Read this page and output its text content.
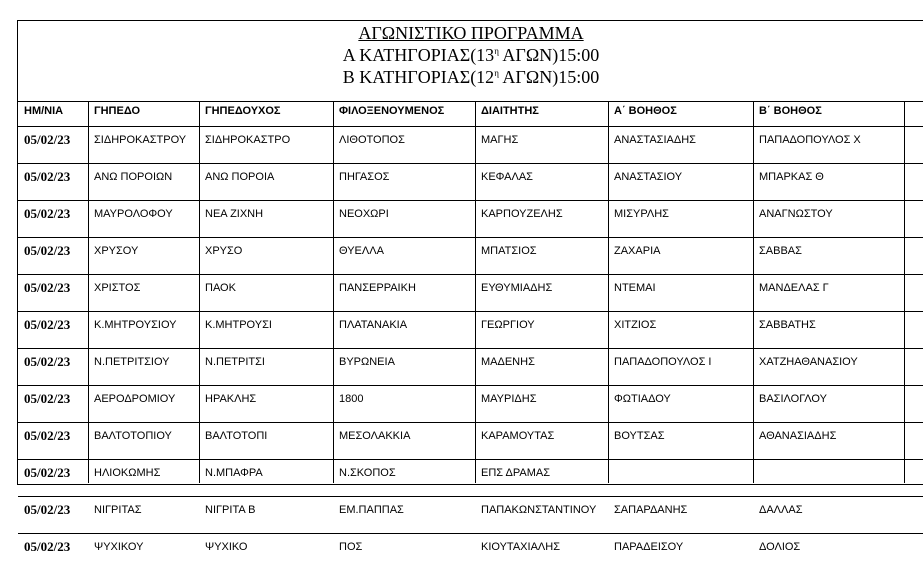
ΑΓΩΝΙΣΤΙΚΟ ΠΡΟΓΡΑΜΜΑ
Α $KATH\Gamma OPIA\Sigma(13^\eta$ ΑΓΩΝ)15:00
Β $KATH\Gamma OPIA\Sigma(12^\eta$ ΑΓΩΝ)15:00
ΗΜ/ΝΙΑ	ΓΗΠΕΔΟ	ΓΗΠΕΔΟΥΧΟΣ	ΦΙΛΟΞΕΝΟΥΜΕΝΟΣ	ΔΙΑΙΤΗΤΗΣ	Α΄ ΒΟΗΘΟΣ	Β΄ ΒΟΗΘΟΣ	
05/02/23	ΣΙΔΗΡΟΚΑΣΤΡΟΥ	ΣΙΔΗΡΟΚΑΣΤΡΟ	ΛΙΘΟΤΟΠΟΣ	ΜΑΓΗΣ	ΑΝΑΣΤΑΣΙΑΔΗΣ	ΠΑΠΑΔΟΠΟΥΛΟΣ Χ	
05/02/23	ΑΝΩ ΠΟΡΟΙΩΝ	ΑΝΩ ΠΟΡΟΙΑ	ΠΗΓΑΣΟΣ	ΚΕΦΑΛΑΣ	ΑΝΑΣΤΑΣΙΟΥ	ΜΠΑΡΚΑΣ Θ	
05/02/23	ΜΑΥΡΟΛΟΦΟΥ	ΝΕΑ ΖΙΧΝΗ	ΝΕΟΧΩΡΙ	ΚΑΡΠΟΥΖΕΛΗΣ	ΜΙΣΥΡΛΗΣ	ΑΝΑΓΝΩΣΤΟΥ	
05/02/23	ΧΡΥΣΟΥ	ΧΡΥΣΟ	ΘΥΕΛΛΑ	ΜΠΑΤΣΙΟΣ	ΖΑΧΑΡΙΑ	ΣΑΒΒΑΣ	
05/02/23	ΧΡΙΣΤΟΣ	ΠΑΟΚ	ΠΑΝΣΕΡΡΑΙΚΗ	ΕΥΘΥΜΙΑΔΗΣ	ΝΤΕΜΑΙ	ΜΑΝΔΕΛΑΣ Γ	
05/02/23	Κ.ΜΗΤΡΟΥΣΙΟΥ	Κ.ΜΗΤΡΟΥΣΙ	ΠΛΑΤΑΝΑΚΙΑ	ΓΕΩΡΓΙΟΥ	ΧΙΤΖΙΟΣ	ΣΑΒΒΑΤΗΣ	
05/02/23	Ν.ΠΕΤΡΙΤΣΙΟΥ	Ν.ΠΕΤΡΙΤΣΙ	ΒΥΡΩΝΕΙΑ	ΜΑΔΕΝΗΣ	ΠΑΠΑΔΟΠΟΥΛΟΣ Ι	ΧΑΤΖΗΑΘΑΝΑΣΙΟΥ	
05/02/23	ΑΕΡΟΔΡΟΜΙΟΥ	ΗΡΑΚΛΗΣ	1800	ΜΑΥΡΙΔΗΣ	ΦΩΤΙΑΔΟΥ	ΒΑΣΙΛΟΓΛΟΥ	
05/02/23	ΒΑΛΤΟΤΟΠΙΟΥ	ΒΑΛΤΟΤΟΠΙ	ΜΕΣΟΛΑΚΚΙΑ	ΚΑΡΑΜΟΥΤΑΣ	ΒΟΥΤΣΑΣ	ΑΘΑΝΑΣΙΑΔΗΣ	
05/02/23	ΗΛΙΟΚΩΜΗΣ	Ν.ΜΠΑΦΡΑ	Ν.ΣΚΟΠΟΣ	ΕΠΣ ΔΡΑΜΑΣ			
05/02/23	ΝΙΓΡΙΤΑΣ	ΝΙΓΡΙΤΑ Β	ΕΜ.ΠΑΠΠΑΣ	ΠΑΠΑΚΩΝΣΤΑΝΤΙΝΟΥ	ΣΑΠΑΡΔΑΝΗΣ	ΔΑΛΛΑΣ	
05/02/23	ΨΥΧΙΚΟΥ	ΨΥΧΙΚΟ	ΠΟΣ	ΚΙΟΥΤΑΧΙΑΛΗΣ	ΠΑΡΑΔΕΙΣΟΥ	ΔΟΛΙΟΣ	
